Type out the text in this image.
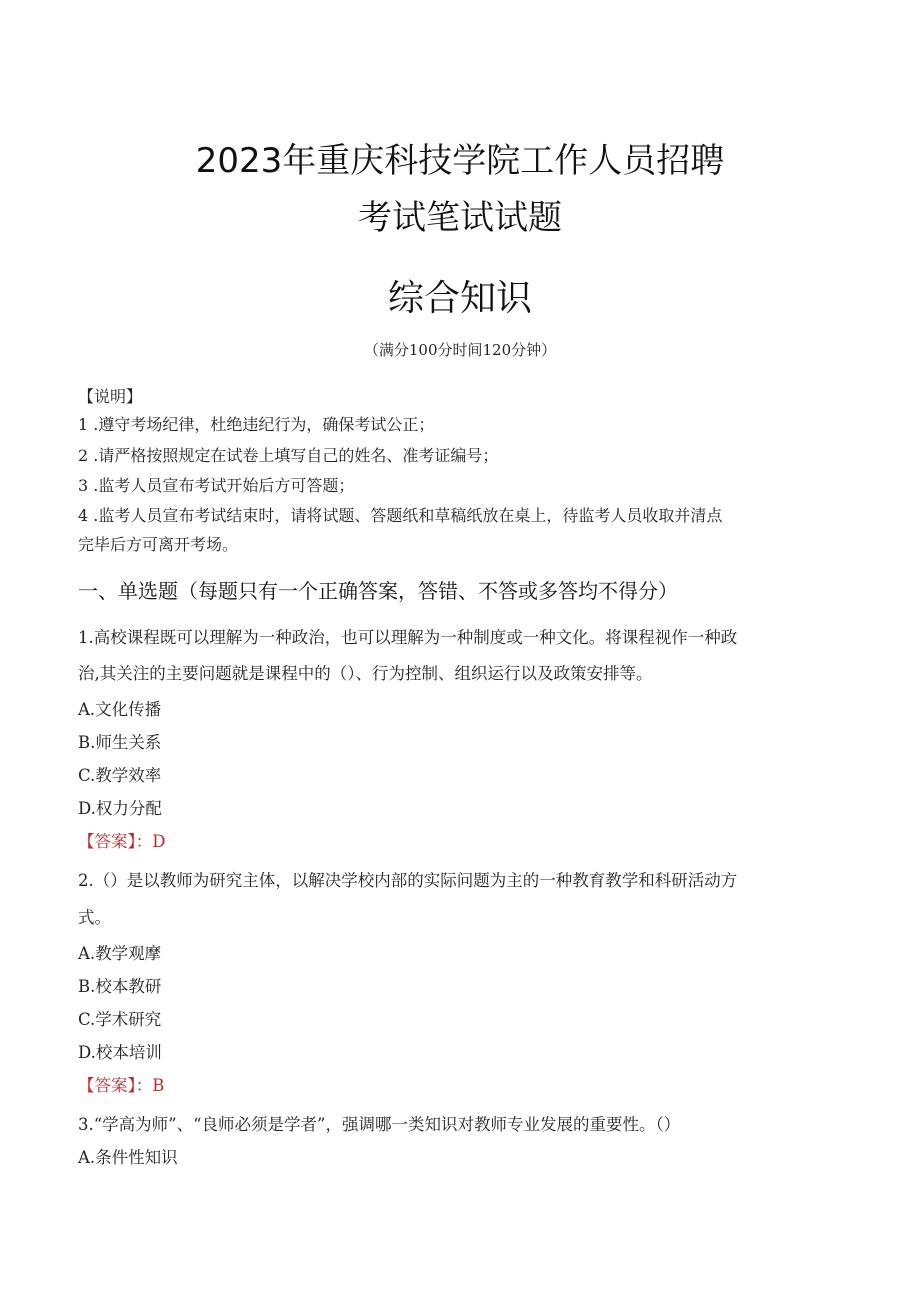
2023年重庆科技学院工作人员招聘
考试笔试试题
综合知识
（满分100分时间120分钟）
【说明】
1 .遵守考场纪律，杜绝违纪行为，确保考试公正；
2 .请严格按照规定在试卷上填写自己的姓名、准考证编号；
3 .监考人员宣布考试开始后方可答题；
4 .监考人员宣布考试结束时，请将试题、答题纸和草稿纸放在桌上，待监考人员收取并清点
完毕后方可离开考场。
一、单选题（每题只有一个正确答案，答错、不答或多答均不得分）
1.高校课程既可以理解为一种政治，也可以理解为一种制度或一种文化。将课程视作一种政
治,其关注的主要问题就是课程中的（）、行为控制、组织运行以及政策安排等。
A.文化传播
B.师生关系
C.教学效率
D.权力分配
【答案】：D
2.（）是以教师为研究主体，以解决学校内部的实际问题为主的一种教育教学和科研活动方
式。
A.教学观摩
B.校本教研
C.学术研究
D.校本培训
【答案】：B
3.“学高为师”、“良师必须是学者”，强调哪一类知识对教师专业发展的重要性。（）
A.条件性知识
